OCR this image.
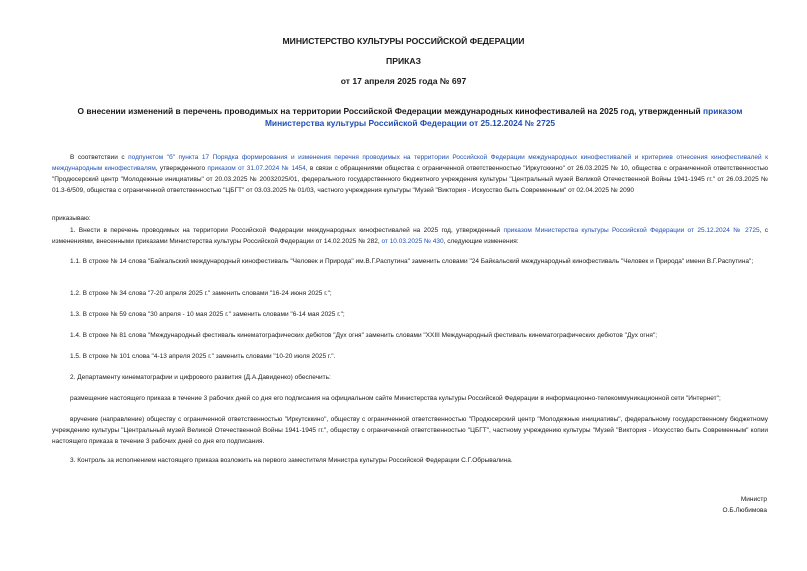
МИНИСТЕРСТВО КУЛЬТУРЫ РОССИЙСКОЙ ФЕДЕРАЦИИ
ПРИКАЗ
от 17 апреля 2025 года № 697
О внесении изменений в перечень проводимых на территории Российской Федерации международных кинофестивалей на 2025 год, утвержденный приказом Министерства культуры Российской Федерации от 25.12.2024 № 2725
В соответствии с подпунктом "б" пункта 17 Порядка формирования и изменения перечня проводимых на территории Российской Федерации международных кинофестивалей и критериев отнесения кинофестивалей к международным кинофестивалям, утвержденного приказом от 31.07.2024 № 1454, в связи с обращениями общества с ограниченной ответственностью "Иркутсккино" от 26.03.2025 № 10, общества с ограниченной ответственностью "Продюсерский центр "Молодежные инициативы" от 20.03.2025 № 20032025/01, федерального государственного бюджетного учреждения культуры "Центральный музей Великой Отечественной Войны 1941-1945 гг." от 26.03.2025 № 01.3-6/509, общества с ограниченной ответственностью "ЦБГТ" от 03.03.2025 № 01/03, частного учреждения культуры "Музей "Виктория - Искусство быть Современным" от 02.04.2025 № 2090
приказываю:
1. Внести в перечень проводимых на территории Российской Федерации международных кинофестивалей на 2025 год, утвержденный приказом Министерства культуры Российской Федерации от 25.12.2024 № 2725, с изменениями, внесенными приказами Министерства культуры Российской Федерации от 14.02.2025 № 282, от 10.03.2025 № 430, следующие изменения:
1.1. В строке № 14 слова "Байкальский международный кинофестиваль "Человек и Природа" им.В.Г.Распутина" заменить словами "24 Байкальский международный кинофестиваль "Человек и Природа" имени В.Г.Распутина";
1.2. В строке № 34 слова "7-20 апреля 2025 г." заменить словами "16-24 июня 2025 г.";
1.3. В строке № 59 слова "30 апреля - 10 мая 2025 г." заменить словами "6-14 мая 2025 г.";
1.4. В строке № 81 слова "Международный фестиваль кинематографических дебютов "Дух огня" заменить словами "XXIII Международный фестиваль кинематографических дебютов "Дух огня";
1.5. В строке № 101 слова "4-13 апреля 2025 г." заменить словами "10-20 июля 2025 г.".
2. Департаменту кинематографии и цифрового развития (Д.А.Давиденко) обеспечить:
размещение настоящего приказа в течение 3 рабочих дней со дня его подписания на официальном сайте Министерства культуры Российской Федерации в информационно-телекоммуникационной сети "Интернет";
вручение (направление) обществу с ограниченной ответственностью "Иркутсккино", обществу с ограниченной ответственностью "Продюсерский центр "Молодежные инициативы", федеральному государственному бюджетному учреждению культуры "Центральный музей Великой Отечественной Войны 1941-1945 гг.", обществу с ограниченной ответственностью "ЦБГТ", частному учреждению культуры "Музей "Виктория - Искусство быть Современным" копии настоящего приказа в течение 3 рабочих дней со дня его подписания.
3. Контроль за исполнением настоящего приказа возложить на первого заместителя Министра культуры Российской Федерации С.Г.Обрывалина.
Министр
О.Б.Любимова
